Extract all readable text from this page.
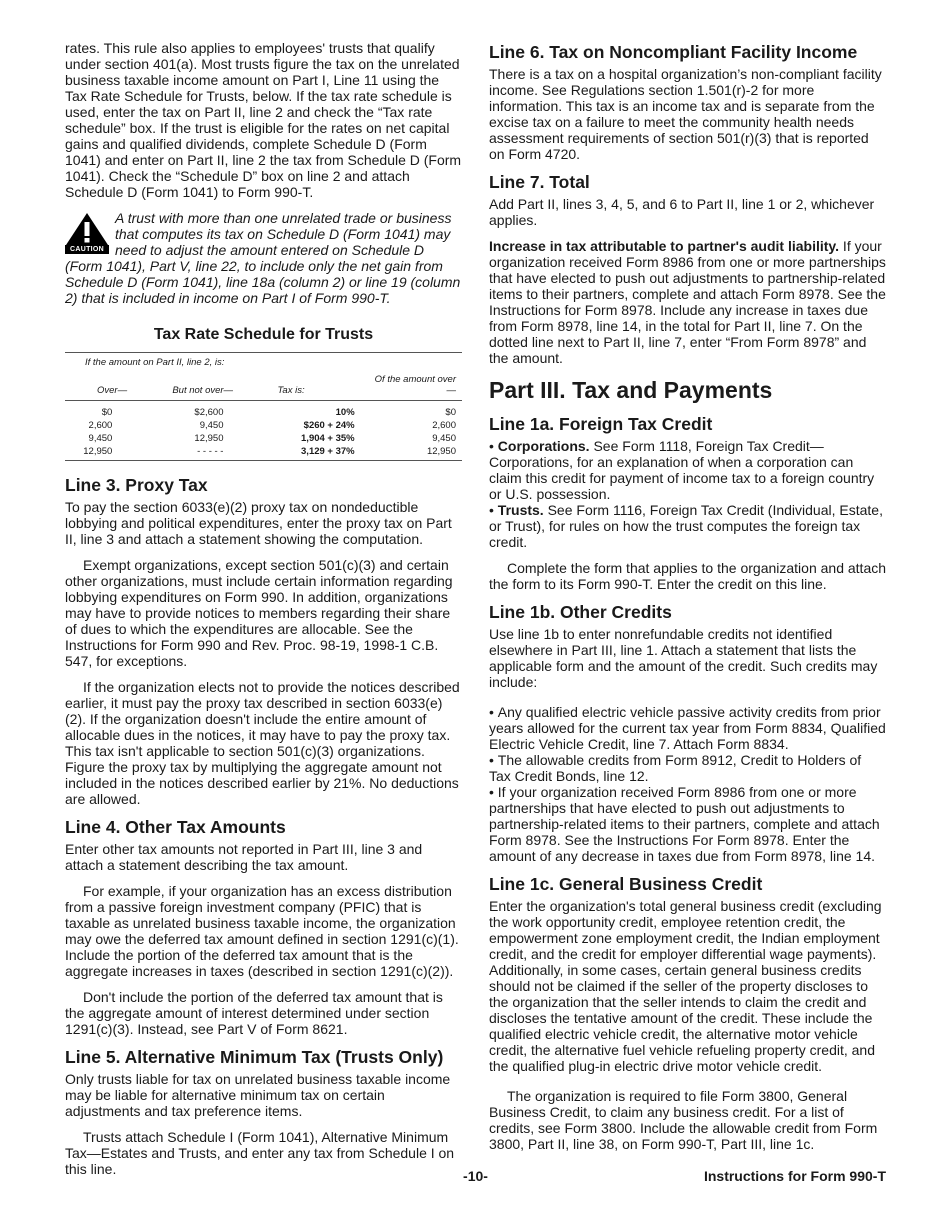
rates. This rule also applies to employees' trusts that qualify under section 401(a). Most trusts figure the tax on the unrelated business taxable income amount on Part I, Line 11 using the Tax Rate Schedule for Trusts, below. If the tax rate schedule is used, enter the tax on Part II, line 2 and check the “Tax rate schedule” box. If the trust is eligible for the rates on net capital gains and qualified dividends, complete Schedule D (Form 1041) and enter on Part II, line 2 the tax from Schedule D (Form 1041). Check the “Schedule D” box on line 2 and attach Schedule D (Form 1041) to Form 990-T.

CAUTION
A trust with more than one unrelated trade or business that computes its tax on Schedule D (Form 1041) may need to adjust the amount entered on Schedule D (Form 1041), Part V, line 22, to include only the net gain from Schedule D (Form 1041), line 18a (column 2) or line 19 (column 2) that is included in income on Part I of Form 990-T.
Tax Rate Schedule for Trusts
If the amount on Part II, line 2, is:			
Over—	But not over—	Tax is:	Of the amount over—
$0	$2,600	10%	$0
2,600	9,450	$260 + 24%	2,600
9,450	12,950	1,904 + 35%	9,450
12,950	- - - - -	3,129 + 37%	12,950
Line 3. Proxy Tax

To pay the section 6033(e)(2) proxy tax on nondeductible lobbying and political expenditures, enter the proxy tax on Part II, line 3 and attach a statement showing the computation.

Exempt organizations, except section 501(c)(3) and certain other organizations, must include certain information regarding lobbying expenditures on Form 990. In addition, organizations may have to provide notices to members regarding their share of dues to which the expenditures are allocable. See the Instructions for Form 990 and Rev. Proc. 98-19, 1998-1 C.B. 547, for exceptions.

If the organization elects not to provide the notices described earlier, it must pay the proxy tax described in section 6033(e)(2). If the organization doesn't include the entire amount of allocable dues in the notices, it may have to pay the proxy tax. This tax isn't applicable to section 501(c)(3) organizations. Figure the proxy tax by multiplying the aggregate amount not included in the notices described earlier by 21%. No deductions are allowed.

Line 4. Other Tax Amounts

Enter other tax amounts not reported in Part III, line 3 and attach a statement describing the tax amount.

For example, if your organization has an excess distribution from a passive foreign investment company (PFIC) that is taxable as unrelated business taxable income, the organization may owe the deferred tax amount defined in section 1291(c)(1). Include the portion of the deferred tax amount that is the aggregate increases in taxes (described in section 1291(c)(2)).

Don't include the portion of the deferred tax amount that is the aggregate amount of interest determined under section 1291(c)(3). Instead, see Part V of Form 8621.

Line 5. Alternative Minimum Tax (Trusts Only)

Only trusts liable for tax on unrelated business taxable income may be liable for alternative minimum tax on certain adjustments and tax preference items.

Trusts attach Schedule I (Form 1041), Alternative Minimum Tax—Estates and Trusts, and enter any tax from Schedule I on this line.

Line 6. Tax on Noncompliant Facility Income

There is a tax on a hospital organization’s non-compliant facility income. See Regulations section 1.501(r)-2 for more information. This tax is an income tax and is separate from the excise tax on a failure to meet the community health needs assessment requirements of section 501(r)(3) that is reported on Form 4720.

Line 7. Total

Add Part II, lines 3, 4, 5, and 6 to Part II, line 1 or 2, whichever applies.

Increase in tax attributable to partner's audit liability. If your organization received Form 8986 from one or more partnerships that have elected to push out adjustments to partnership-related items to their partners, complete and attach Form 8978. See the Instructions for Form 8978. Include any increase in taxes due from Form 8978, line 14, in the total for Part II, line 7. On the dotted line next to Part II, line 7, enter “From Form 8978” and the amount.

Part III. Tax and Payments
Line 1a. Foreign Tax Credit

• Corporations. See Form 1118, Foreign Tax Credit—Corporations, for an explanation of when a corporation can claim this credit for payment of income tax to a foreign country or U.S. possession.

• Trusts. See Form 1116, Foreign Tax Credit (Individual, Estate, or Trust), for rules on how the trust computes the foreign tax credit.

Complete the form that applies to the organization and attach the form to its Form 990-T. Enter the credit on this line.

Line 1b. Other Credits

Use line 1b to enter nonrefundable credits not identified elsewhere in Part III, line 1. Attach a statement that lists the applicable form and the amount of the credit. Such credits may include:

• Any qualified electric vehicle passive activity credits from prior years allowed for the current tax year from Form 8834, Qualified Electric Vehicle Credit, line 7. Attach Form 8834.

• The allowable credits from Form 8912, Credit to Holders of Tax Credit Bonds, line 12.

• If your organization received Form 8986 from one or more partnerships that have elected to push out adjustments to partnership-related items to their partners, complete and attach Form 8978. See the Instructions For Form 8978. Enter the amount of any decrease in taxes due from Form 8978, line 14.

Line 1c. General Business Credit

Enter the organization's total general business credit (excluding the work opportunity credit, employee retention credit, the empowerment zone employment credit, the Indian employment credit, and the credit for employer differential wage payments). Additionally, in some cases, certain general business credits should not be claimed if the seller of the property discloses to the organization that the seller intends to claim the credit and discloses the tentative amount of the credit. These include the qualified electric vehicle credit, the alternative motor vehicle credit, the alternative fuel vehicle refueling property credit, and the qualified plug-in electric drive motor vehicle credit.

The organization is required to file Form 3800, General Business Credit, to claim any business credit. For a list of credits, see Form 3800. Include the allowable credit from Form 3800, Part II, line 38, on Form 990-T, Part III, line 1c.

-10-	Instructions for Form 990-T
